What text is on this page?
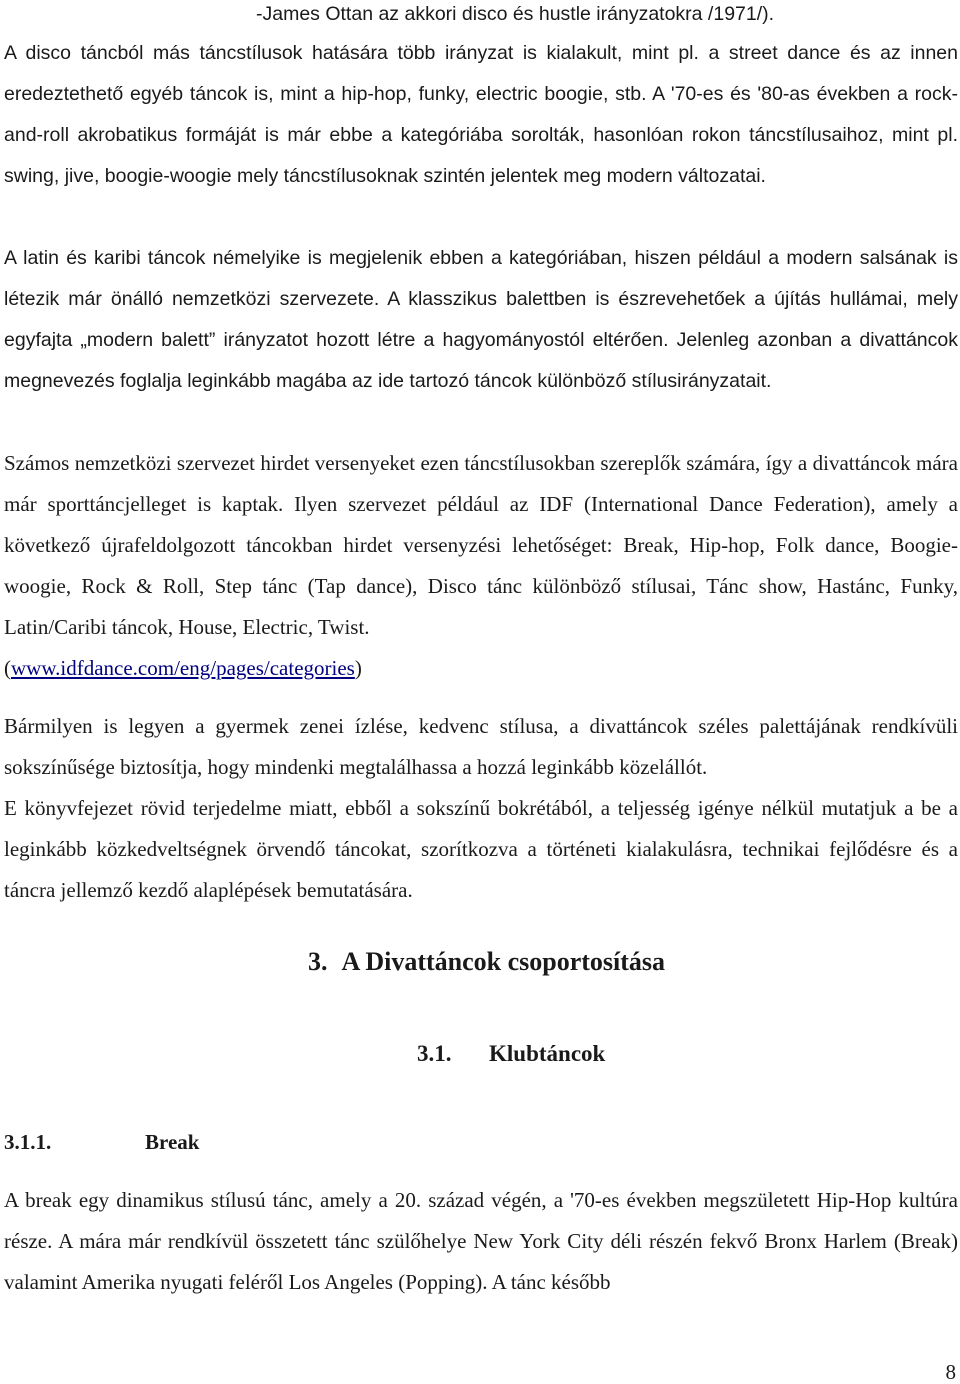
-James Ottan az akkori disco és hustle irányzatokra /1971/).

A disco táncból más táncstílusok hatására több irányzat is kialakult, mint pl. a street dance és az innen eredeztethető egyéb táncok is, mint a hip-hop, funky, electric boogie, stb. A '70-es és '80-as években a rock-and-roll akrobatikus formáját is már ebbe a kategóriába sorolták, hasonlóan rokon táncstílusaihoz, mint pl. swing, jive, boogie-woogie mely táncstílusoknak szintén jelentek meg modern változatai.

A latin és karibi táncok némelyike is megjelenik ebben a kategóriában, hiszen például a modern salsának is létezik már önálló nemzetközi szervezete. A klasszikus balettben is észrevehetőek a újítás hullámai, mely egyfajta „modern balett” irányzatot hozott létre a hagyományostól eltérően. Jelenleg azonban a divattáncok megnevezés foglalja leginkább magába az ide tartozó táncok különböző stílusirányzatait.

Számos nemzetközi szervezet hirdet versenyeket ezen táncstílusokban szereplők számára, így a divattáncok mára már sporttáncjelleget is kaptak. Ilyen szervezet például az IDF (International Dance Federation), amely a következő újrafeldolgozott táncokban hirdet versenyzési lehetőséget: Break, Hip-hop, Folk dance, Boogie-woogie, Rock & Roll, Step tánc (Tap dance), Disco tánc különböző stílusai, Tánc show, Hastánc, Funky, Latin/Caribi táncok, House, Electric, Twist.
(www.idfdance.com/eng/pages/categories)

Bármilyen is legyen a gyermek zenei ízlése, kedvenc stílusa, a divattáncok széles palettájának rendkívüli sokszínűsége biztosítja, hogy mindenki megtalálhassa a hozzá leginkább közelállót.

E könyvfejezet rövid terjedelme miatt, ebből a sokszínű bokrétából, a teljesség igénye nélkül mutatjuk a be a leginkább közkedveltségnek örvendő táncokat, szorítkozva a történeti kialakulásra, technikai fejlődésre és a táncra jellemző kezdő alaplépések bemutatására.

3. A Divattáncok csoportosítása
3.1. Klubtáncok
3.1.1.	Break

A break egy dinamikus stílusú tánc, amely a 20. század végén, a '70-es években megszületett Hip-Hop kultúra része. A mára már rendkívül összetett tánc szülőhelye New York City déli részén fekvő Bronx Harlem (Break) valamint Amerika nyugati feléről Los Angeles (Popping). A tánc később

8
